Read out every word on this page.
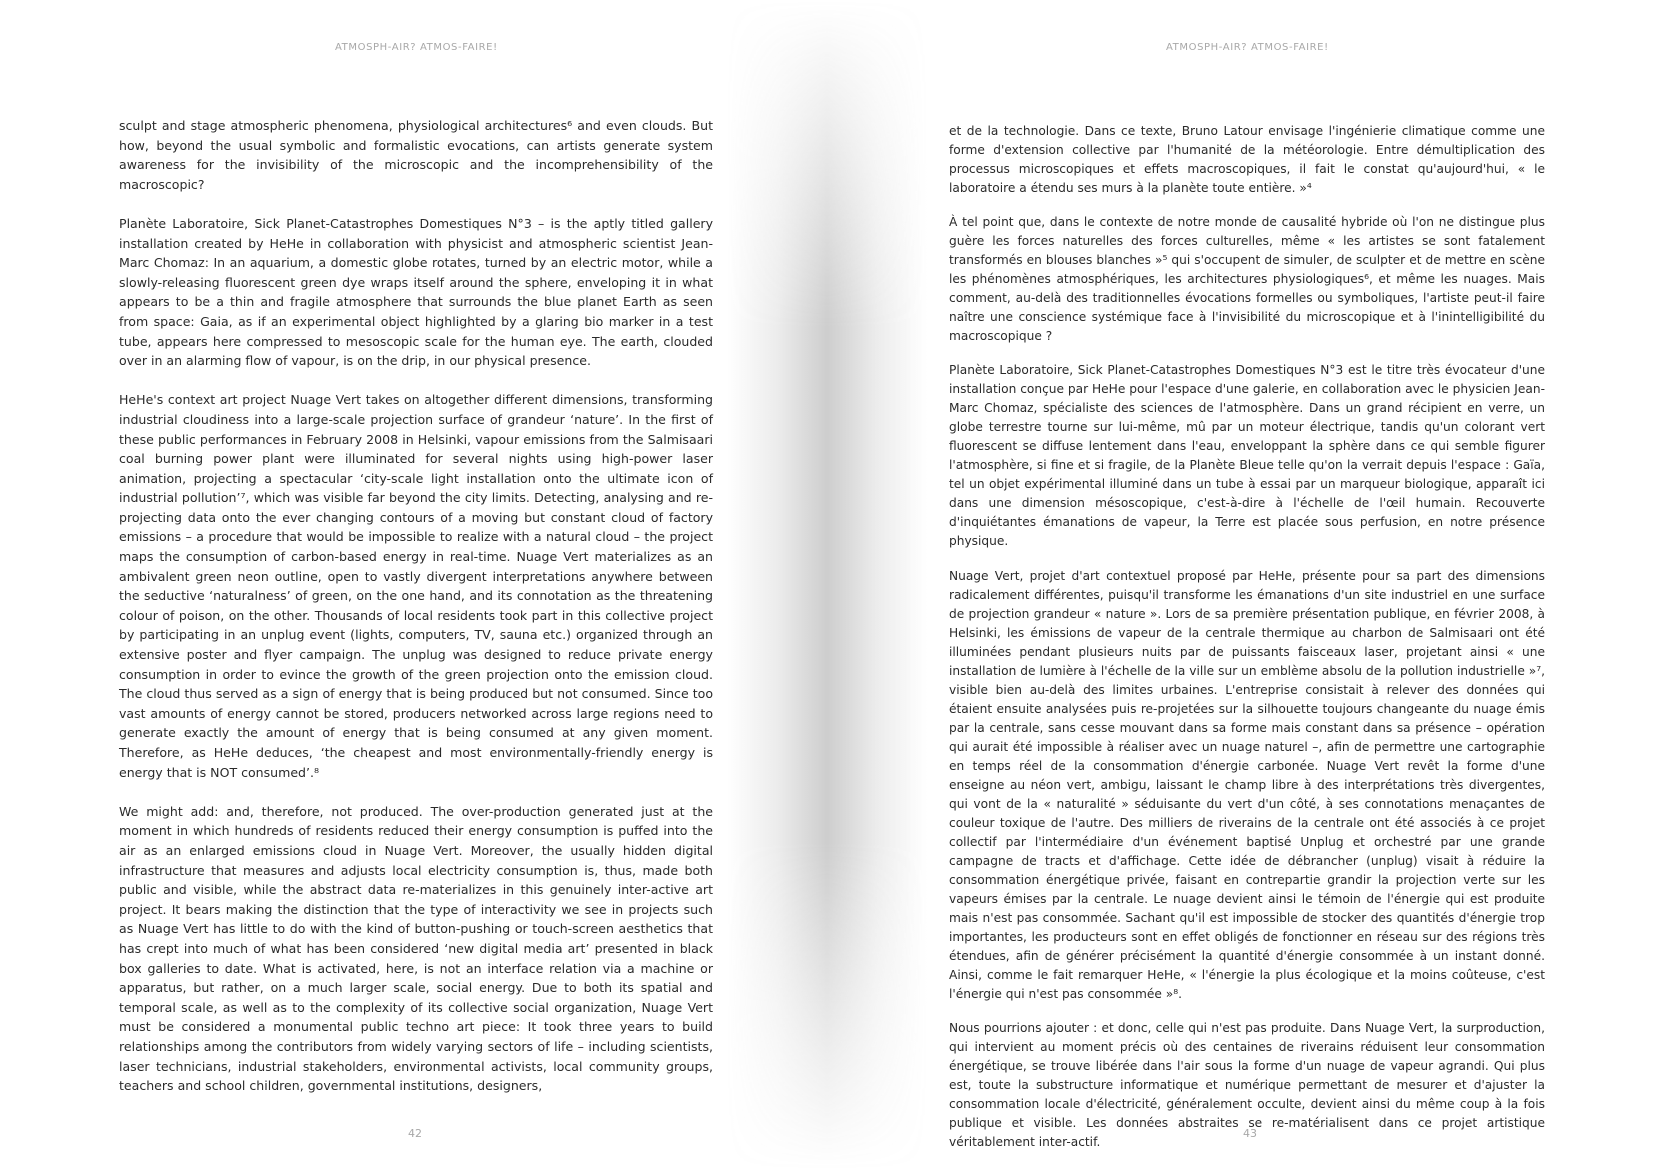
ATMOSPH-AIR? ATMOS-FAIRE!

sculpt and stage atmospheric phenomena, physiological architectures⁶ and even clouds. But how, beyond the usual symbolic and formalistic evocations, can artists generate system awareness for the invisibility of the microscopic and the incomprehensibility of the macroscopic?

Planète Laboratoire, Sick Planet-Catastrophes Domestiques N°3 – is the aptly titled gallery installation created by HeHe in collaboration with physicist and atmospheric scientist Jean-Marc Chomaz: In an aquarium, a domestic globe rotates, turned by an electric motor, while a slowly-releasing fluorescent green dye wraps itself around the sphere, enveloping it in what appears to be a thin and fragile atmosphere that surrounds the blue planet Earth as seen from space: Gaia, as if an experimental object highlighted by a glaring bio marker in a test tube, appears here compressed to mesoscopic scale for the human eye. The earth, clouded over in an alarming flow of vapour, is on the drip, in our physical presence.

HeHe's context art project Nuage Vert takes on altogether different dimensions, transforming industrial cloudiness into a large-scale projection surface of grandeur ‘nature’. In the first of these public performances in February 2008 in Helsinki, vapour emissions from the Salmisaari coal burning power plant were illuminated for several nights using high-power laser animation, projecting a spectacular ‘city-scale light installation onto the ultimate icon of industrial pollution’⁷, which was visible far beyond the city limits. Detecting, analysing and re-projecting data onto the ever changing contours of a moving but constant cloud of factory emissions – a procedure that would be impossible to realize with a natural cloud – the project maps the consumption of carbon-based energy in real-time. Nuage Vert materializes as an ambivalent green neon outline, open to vastly divergent interpretations anywhere between the seductive ‘naturalness’ of green, on the one hand, and its connotation as the threatening colour of poison, on the other. Thousands of local residents took part in this collective project by participating in an unplug event (lights, computers, TV, sauna etc.) organized through an extensive poster and flyer campaign. The unplug was designed to reduce private energy consumption in order to evince the growth of the green projection onto the emission cloud. The cloud thus served as a sign of energy that is being produced but not consumed. Since too vast amounts of energy cannot be stored, producers networked across large regions need to generate exactly the amount of energy that is being consumed at any given moment. Therefore, as HeHe deduces, ‘the cheapest and most environmentally-friendly energy is energy that is NOT consumed’.⁸

We might add: and, therefore, not produced. The over-production generated just at the moment in which hundreds of residents reduced their energy consumption is puffed into the air as an enlarged emissions cloud in Nuage Vert. Moreover, the usually hidden digital infrastructure that measures and adjusts local electricity consumption is, thus, made both public and visible, while the abstract data re-materializes in this genuinely inter-active art project. It bears making the distinction that the type of interactivity we see in projects such as Nuage Vert has little to do with the kind of button-pushing or touch-screen aesthetics that has crept into much of what has been considered ‘new digital media art’ presented in black box galleries to date. What is activated, here, is not an interface relation via a machine or apparatus, but rather, on a much larger scale, social energy. Due to both its spatial and temporal scale, as well as to the complexity of its collective social organization, Nuage Vert must be considered a monumental public techno art piece: It took three years to build relationships among the contributors from widely varying sectors of life – including scientists, laser technicians, industrial stakeholders, environmental activists, local community groups, teachers and school children, governmental institutions, designers,

42
ATMOSPH-AIR? ATMOS-FAIRE!

et de la technologie. Dans ce texte, Bruno Latour envisage l'ingénierie climatique comme une forme d'extension collective par l'humanité de la météorologie. Entre démultiplication des processus microscopiques et effets macroscopiques, il fait le constat qu'aujourd'hui, « le laboratoire a étendu ses murs à la planète toute entière. »⁴

À tel point que, dans le contexte de notre monde de causalité hybride où l'on ne distingue plus guère les forces naturelles des forces culturelles, même « les artistes se sont fatalement transformés en blouses blanches »⁵ qui s'occupent de simuler, de sculpter et de mettre en scène les phénomènes atmosphériques, les architectures physiologiques⁶, et même les nuages. Mais comment, au-delà des traditionnelles évocations formelles ou symboliques, l'artiste peut-il faire naître une conscience systémique face à l'invisibilité du microscopique et à l'inintelligibilité du macroscopique ?

Planète Laboratoire, Sick Planet-Catastrophes Domestiques N°3 est le titre très évocateur d'une installation conçue par HeHe pour l'espace d'une galerie, en collaboration avec le physicien Jean-Marc Chomaz, spécialiste des sciences de l'atmosphère. Dans un grand récipient en verre, un globe terrestre tourne sur lui-même, mû par un moteur électrique, tandis qu'un colorant vert fluorescent se diffuse lentement dans l'eau, enveloppant la sphère dans ce qui semble figurer l'atmosphère, si fine et si fragile, de la Planète Bleue telle qu'on la verrait depuis l'espace : Gaïa, tel un objet expérimental illuminé dans un tube à essai par un marqueur biologique, apparaît ici dans une dimension mésoscopique, c'est-à-dire à l'échelle de l'œil humain. Recouverte d'inquiétantes émanations de vapeur, la Terre est placée sous perfusion, en notre présence physique.

Nuage Vert, projet d'art contextuel proposé par HeHe, présente pour sa part des dimensions radicalement différentes, puisqu'il transforme les émanations d'un site industriel en une surface de projection grandeur « nature ». Lors de sa première présentation publique, en février 2008, à Helsinki, les émissions de vapeur de la centrale thermique au charbon de Salmisaari ont été illuminées pendant plusieurs nuits par de puissants faisceaux laser, projetant ainsi « une installation de lumière à l'échelle de la ville sur un emblème absolu de la pollution industrielle »⁷, visible bien au-delà des limites urbaines. L'entreprise consistait à relever des données qui étaient ensuite analysées puis re-projetées sur la silhouette toujours changeante du nuage émis par la centrale, sans cesse mouvant dans sa forme mais constant dans sa présence – opération qui aurait été impossible à réaliser avec un nuage naturel –, afin de permettre une cartographie en temps réel de la consommation d'énergie carbonée. Nuage Vert revêt la forme d'une enseigne au néon vert, ambigu, laissant le champ libre à des interprétations très divergentes, qui vont de la « naturalité » séduisante du vert d'un côté, à ses connotations menaçantes de couleur toxique de l'autre. Des milliers de riverains de la centrale ont été associés à ce projet collectif par l'intermédiaire d'un événement baptisé Unplug et orchestré par une grande campagne de tracts et d'affichage. Cette idée de débrancher (unplug) visait à réduire la consommation énergétique privée, faisant en contrepartie grandir la projection verte sur les vapeurs émises par la centrale. Le nuage devient ainsi le témoin de l'énergie qui est produite mais n'est pas consommée. Sachant qu'il est impossible de stocker des quantités d'énergie trop importantes, les producteurs sont en effet obligés de fonctionner en réseau sur des régions très étendues, afin de générer précisément la quantité d'énergie consommée à un instant donné. Ainsi, comme le fait remarquer HeHe, « l'énergie la plus écologique et la moins coûteuse, c'est l'énergie qui n'est pas consommée »⁸.

Nous pourrions ajouter : et donc, celle qui n'est pas produite. Dans Nuage Vert, la surproduction, qui intervient au moment précis où des centaines de riverains réduisent leur consommation énergétique, se trouve libérée dans l'air sous la forme d'un nuage de vapeur agrandi. Qui plus est, toute la substructure informatique et numérique permettant de mesurer et d'ajuster la consommation locale d'électricité, généralement occulte, devient ainsi du même coup à la fois publique et visible. Les données abstraites se re-matérialisent dans ce projet artistique véritablement inter-actif.

43
